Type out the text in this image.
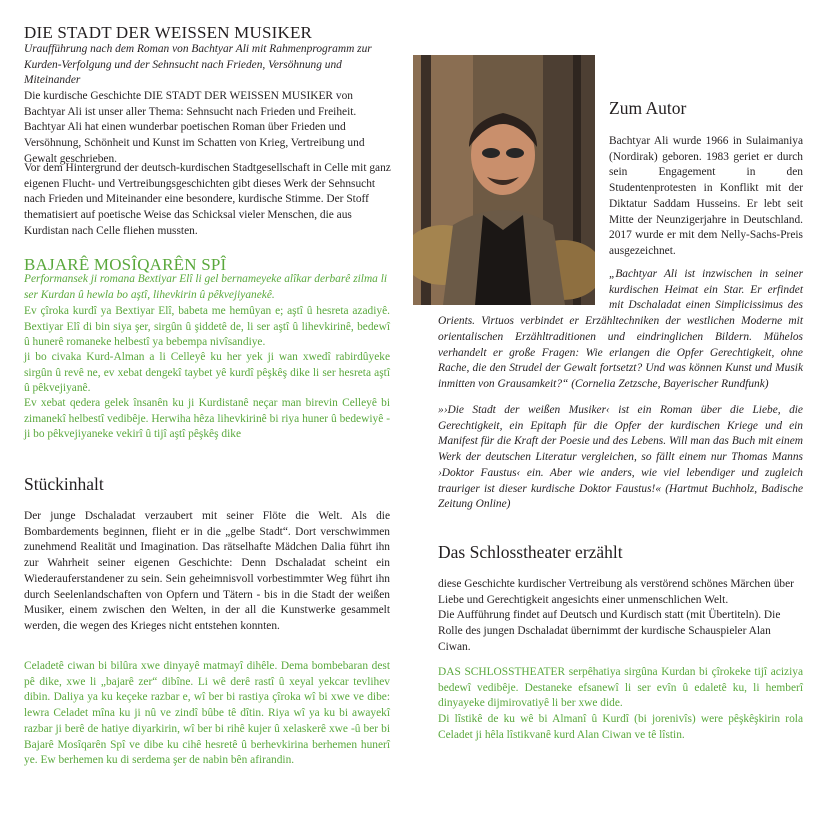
DIE STADT DER WEISSEN MUSIKER

Uraufführung nach dem Roman von Bachtyar Ali mit Rahmenprogramm zur Kurden-Verfolgung und der Sehnsucht nach Frieden, Versöhnung und Miteinander

Die kurdische Geschichte DIE STADT DER WEISSEN MUSIKER von Bachtyar Ali ist unser aller Thema: Sehnsucht nach Frieden und Freiheit. Bachtyar Ali hat einen wunderbar poetischen Roman über Frieden und Versöhnung, Schönheit und Kunst im Schatten von Krieg, Vertreibung und Gewalt geschrieben.

Vor dem Hintergrund der deutsch-kurdischen Stadtgesellschaft in Celle mit ganz eigenen Flucht- und Vertreibungsgeschichten gibt dieses Werk der Sehnsucht nach Frieden und Miteinander eine besondere, kurdische Stimme. Der Stoff thematisiert auf poetische Weise das Schicksal vieler Menschen, die aus Kurdistan nach Celle fliehen mussten.

BAJARÊ MOSÎQARÊN SPÎ

Performansek ji romana Bextiyar Elî li gel bernameyeke alîkar derbarê zilma li ser Kurdan û hewla bo aştî, lihevkirin û pêkvejiyanekê.

Ev çîroka kurdî ya Bextiyar Elî, babeta me hemûyan e; aştî û hesreta azadiyê. Bextiyar Elî di bin siya şer, sirgûn û şiddetê de, li ser aştî û lihevkirinê, bedewî û hunerê romaneke helbestî ya bebempa nivîsandiye.

ji bo civaka Kurd-Alman a li Celleyê ku her yek ji wan xwedî rabirdûyeke sirgûn û revê ne, ev xebat dengekî taybet yê kurdî pêşkêş dike li ser hesreta aştî û pêkvejiyanê.

Ev xebat qedera gelek însanên ku ji Kurdistanê neçar man birevin Celleyê bi zimanekî helbestî vedibêje. Herwiha hêza lihevkirinê bi riya huner û bedewiyê -ji bo pêkvejiyaneke vekirî û tijî aştî pêşkêş dike

Stückinhalt

Der junge Dschaladat verzaubert mit seiner Flöte die Welt. Als die Bombardements beginnen, flieht er in die „gelbe Stadt“. Dort verschwimmen zunehmend Realität und Imagination. Das rätselhafte Mädchen Dalia führt ihn zur Wahrheit seiner eigenen Geschichte: Denn Dschaladat scheint ein Wiederauferstandener zu sein. Sein geheimnisvoll vorbestimmter Weg führt ihn durch Seelenlandschaften von Opfern und Tätern - bis in die Stadt der weißen Musiker, einem zwischen den Welten, in der all die Kunstwerke gesammelt werden, die wegen des Krieges nicht entstehen konnten.

Celadetê ciwan bi bilûra xwe dinyayê matmayî dihêle. Dema bombebaran dest pê dike, xwe li „bajarê zer“ dibîne. Li wê derê rastî û xeyal yekcar tevlihev dibin. Daliya ya ku keçeke razbar e, wî ber bi rastiya çîroka wî bi xwe ve dibe: lewra Celadet mîna ku ji nû ve zindî bûbe tê dîtin. Riya wî ya ku bi awayekî razbar ji berê de hatiye diyarkirin, wî ber bi rihê kujer û xelaskerê xwe -û ber bi Bajarê Mosîqarên Spî ve dibe ku cihê hesretê û berhevkirina berhemen hunerî ye. Ew berhemen ku di serdema şer de nabin bên afirandin.

Zum Autor

Bachtyar Ali wurde 1966 in Sulaimaniya (Nordirak) geboren. 1983 geriet er durch sein Engagement in den Studentenprotesten in Konflikt mit der Diktatur Saddam Husseins. Er lebt seit Mitte der Neunzigerjahre in Deutschland. 2017 wurde er mit dem Nelly-Sachs-Preis ausgezeichnet.

„Bachtyar Ali ist inzwischen in seiner kurdischen Heimat ein Star. Er erfindet mit Dschaladat einen Simplicissimus des Orients. Virtuos verbindet er Erzähltechniken der westlichen Moderne mit orientalischen Erzähltraditionen und eindringlichen Bildern. Mühelos verhandelt er große Fragen: Wie erlangen die Opfer Gerechtigkeit, ohne Rache, die den Strudel der Gewalt fortsetzt? Und was können Kunst und Musik inmitten von Grausamkeit?“ (Cornelia Zetzsche, Bayerischer Rundfunk)

»›Die Stadt der weißen Musiker‹ ist ein Roman über die Liebe, die Gerechtigkeit, ein Epitaph für die Opfer der kurdischen Kriege und ein Manifest für die Kraft der Poesie und des Lebens. Will man das Buch mit einem Werk der deutschen Literatur vergleichen, so fällt einem nur Thomas Manns ›Doktor Faustus‹ ein. Aber wie anders, wie viel lebendiger und zugleich trauriger ist dieser kurdische Doktor Faustus!« (Hartmut Buchholz, Badische Zeitung Online)

Das Schlosstheater erzählt

diese Geschichte kurdischer Vertreibung als verstörend schönes Märchen über Liebe und Gerechtigkeit angesichts einer unmenschlichen Welt.
Die Aufführung findet auf Deutsch und Kurdisch statt (mit Übertiteln). Die Rolle des jungen Dschaladat übernimmt der kurdische Schauspieler Alan Ciwan.

DAS SCHLOSSTHEATER serpêhatiya sirgûna Kurdan bi çîrokeke tijî aciziya bedewî vedibêje. Destaneke efsanewî li ser evîn û edaletê ku, li hemberî dinyayeke dijmirovatiyê li ber xwe dide.
Di lîstikê de ku wê bi Almanî û Kurdî (bi jorenivîs) were pêşkêşkirin rola Celadet ji hêla lîstikvanê kurd Alan Ciwan ve tê lîstin.
